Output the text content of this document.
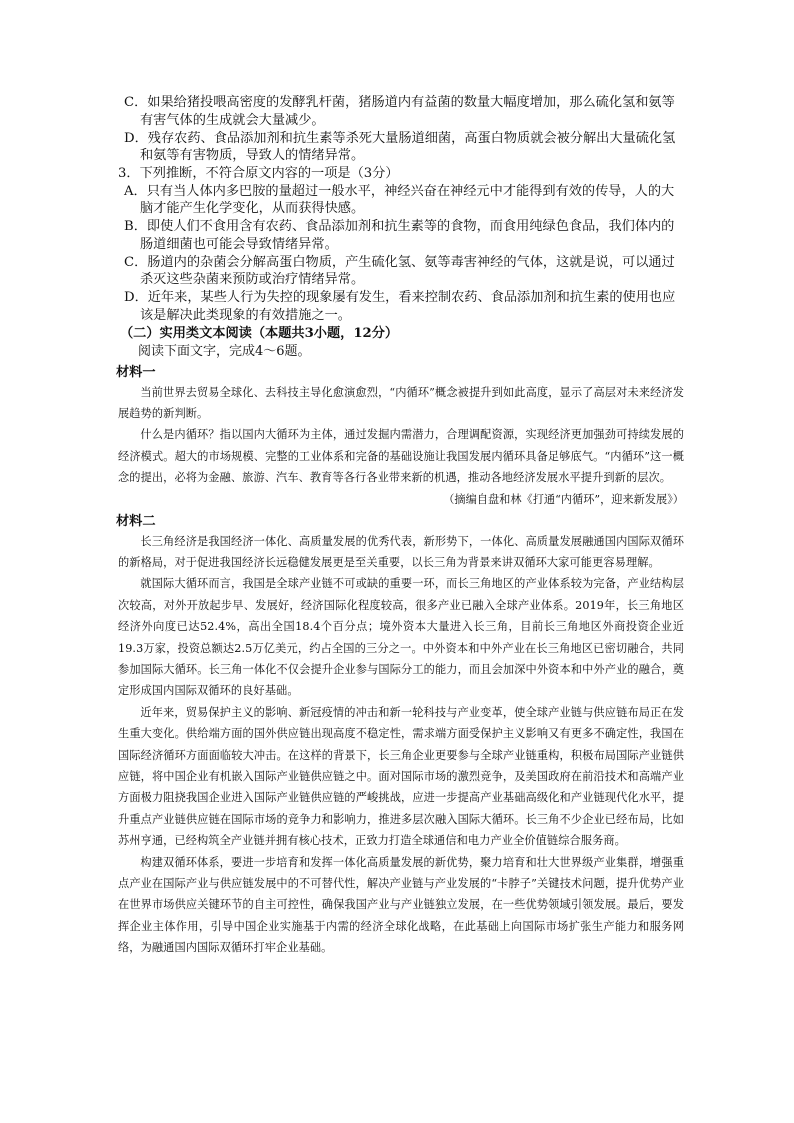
C．如果给猪投喂高密度的发酵乳杆菌，猪肠道内有益菌的数量大幅度增加，那么硫化氢和氨等有害气体的生成就会大量减少。

D．残存农药、食品添加剂和抗生素等杀死大量肠道细菌，高蛋白物质就会被分解出大量硫化氢和氨等有害物质，导致人的情绪异常。

3．下列推断，不符合原文内容的一项是（3分）

A．只有当人体内多巴胺的量超过一般水平，神经兴奋在神经元中才能得到有效的传导，人的大脑才能产生化学变化，从而获得快感。

B．即使人们不食用含有农药、食品添加剂和抗生素等的食物，而食用纯绿色食品，我们体内的肠道细菌也可能会导致情绪异常。

C．肠道内的杂菌会分解高蛋白物质，产生硫化氢、氨等毒害神经的气体，这就是说，可以通过杀灭这些杂菌来预防或治疗情绪异常。

D．近年来，某些人行为失控的现象屡有发生，看来控制农药、食品添加剂和抗生素的使用也应该是解决此类现象的有效措施之一。

（二）实用类文本阅读（本题共3小题，12分）

阅读下面文字，完成4～6题。

材料一

当前世界去贸易全球化、去科技主导化愈演愈烈，“内循环”概念被提升到如此高度，显示了高层对未来经济发展趋势的新判断。

什么是内循环？指以国内大循环为主体，通过发掘内需潜力，合理调配资源，实现经济更加强劲可持续发展的经济模式。超大的市场规模、完整的工业体系和完备的基础设施让我国发展内循环具备足够底气。“内循环”这一概念的提出，必将为金融、旅游、汽车、教育等各行各业带来新的机遇，推动各地经济发展水平提升到新的层次。

（摘编自盘和林《打通“内循环”，迎来新发展》）

材料二

长三角经济是我国经济一体化、高质量发展的优秀代表，新形势下，一体化、高质量发展融通国内国际双循环的新格局，对于促进我国经济长远稳健发展更是至关重要，以长三角为背景来讲双循环大家可能更容易理解。

就国际大循环而言，我国是全球产业链不可或缺的重要一环，而长三角地区的产业体系较为完备，产业结构层次较高，对外开放起步早、发展好，经济国际化程度较高，很多产业已融入全球产业体系。2019年，长三角地区经济外向度已达52.4%，高出全国18.4个百分点；境外资本大量进入长三角，目前长三角地区外商投资企业近19.3万家，投资总额达2.5万亿美元，约占全国的三分之一。中外资本和中外产业在长三角地区已密切融合，共同参加国际大循环。长三角一体化不仅会提升企业参与国际分工的能力，而且会加深中外资本和中外产业的融合，奠定形成国内国际双循环的良好基础。

近年来，贸易保护主义的影响、新冠疫情的冲击和新一轮科技与产业变革，使全球产业链与供应链布局正在发生重大变化。供给端方面的国外供应链出现高度不稳定性，需求端方面受保护主义影响又有更多不确定性，我国在国际经济循环方面面临较大冲击。在这样的背景下，长三角企业更要参与全球产业链重构，积极布局国际产业链供应链，将中国企业有机嵌入国际产业链供应链之中。面对国际市场的激烈竞争，及美国政府在前沿技术和高端产业方面极力阻挠我国企业进入国际产业链供应链的严峻挑战，应进一步提高产业基础高级化和产业链现代化水平，提升重点产业链供应链在国际市场的竞争力和影响力，推进多层次融入国际大循环。长三角不少企业已经布局，比如苏州亨通，已经构筑全产业链并拥有核心技术，正致力打造全球通信和电力产业全价值链综合服务商。

构建双循环体系，要进一步培育和发挥一体化高质量发展的新优势，聚力培育和壮大世界级产业集群，增强重点产业在国际产业与供应链发展中的不可替代性，解决产业链与产业发展的“卡脖子”关键技术问题，提升优势产业在世界市场供应关键环节的自主可控性，确保我国产业与产业链独立发展，在一些优势领域引领发展。最后，要发挥企业主体作用，引导中国企业实施基于内需的经济全球化战略，在此基础上向国际市场扩张生产能力和服务网络，为融通国内国际双循环打牢企业基础。
